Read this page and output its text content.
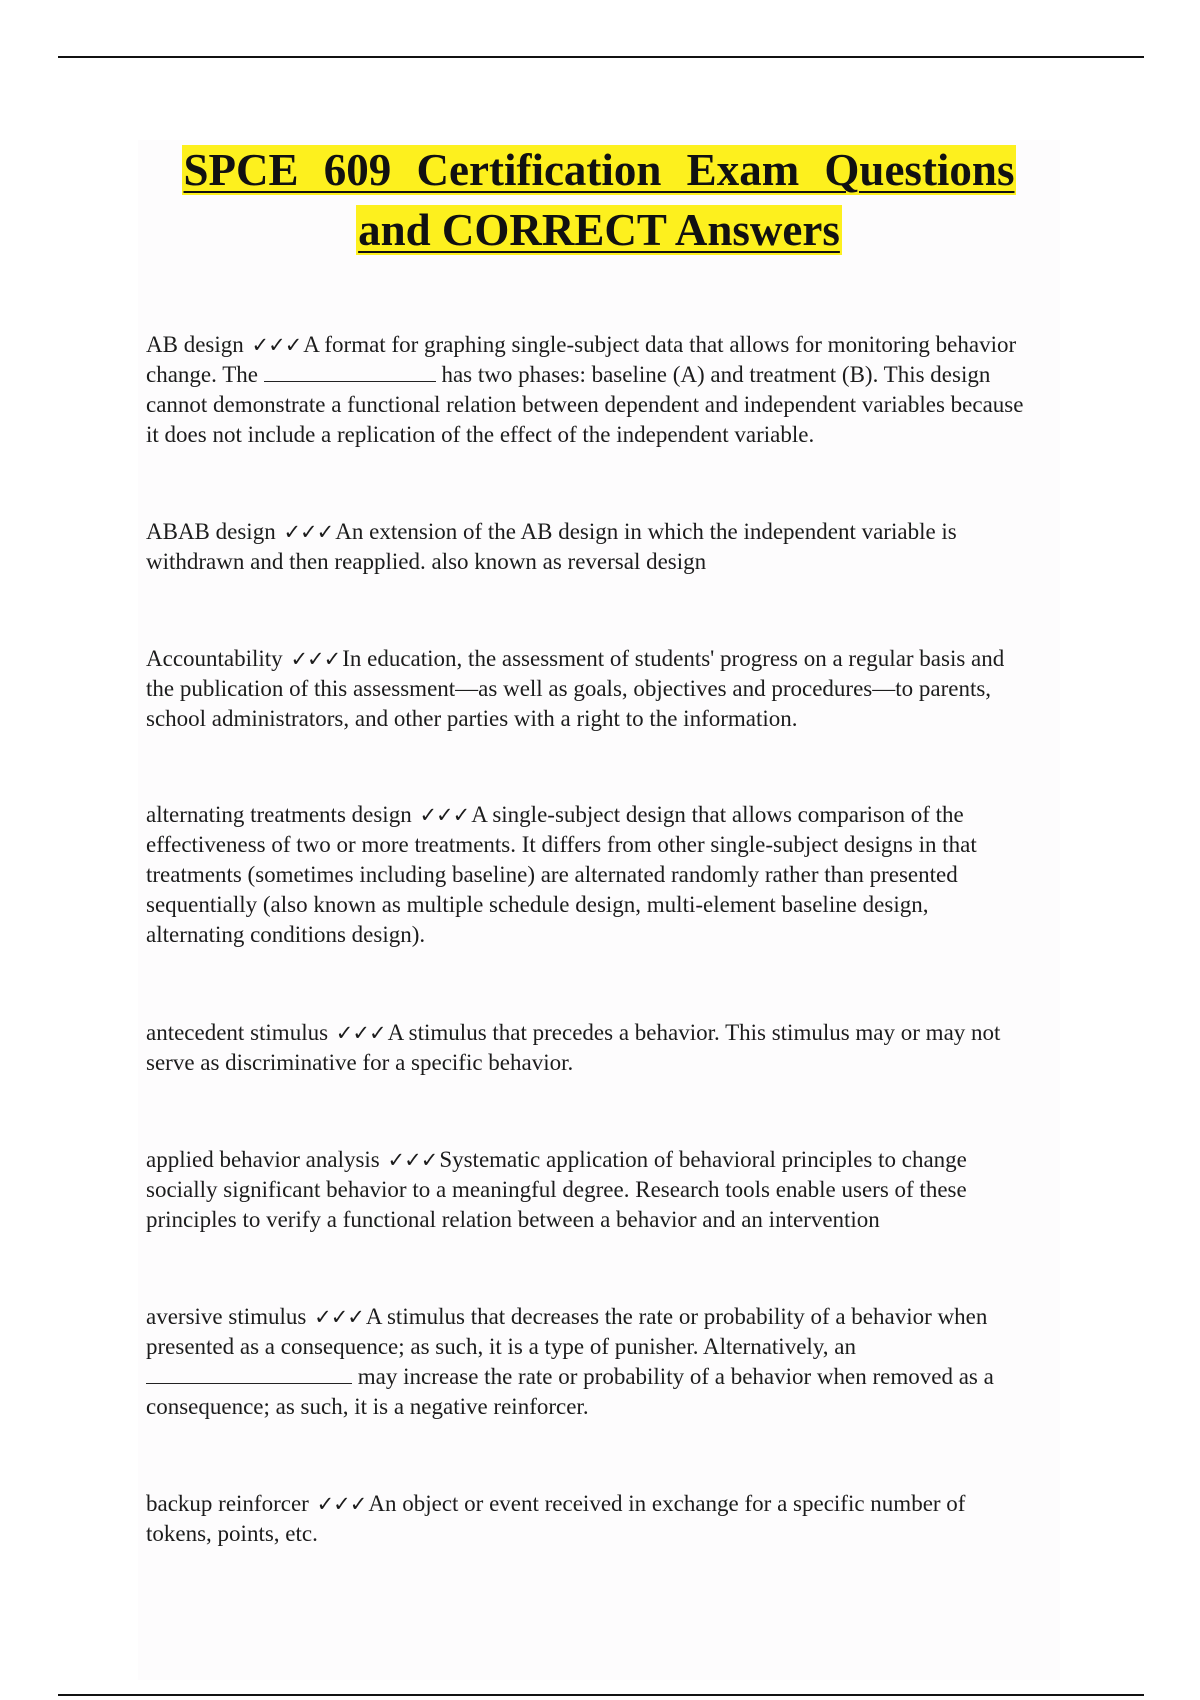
SPCE 609 Certification Exam Questions
and CORRECT Answers

AB design ✓✓✓A format for graphing single-subject data that allows for monitoring behavior change. The	has two phases: baseline (A) and treatment (B). This design cannot demonstrate a functional relation between dependent and independent variables because it does not include a replication of the effect of the independent variable.

ABAB design ✓✓✓An extension of the AB design in which the independent variable is withdrawn and then reapplied. also known as reversal design

Accountability ✓✓✓In education, the assessment of students' progress on a regular basis and the publication of this assessment—as well as goals, objectives and procedures—to parents, school administrators, and other parties with a right to the information.

alternating treatments design ✓✓✓A single-subject design that allows comparison of the effectiveness of two or more treatments. It differs from other single-subject designs in that treatments (sometimes including baseline) are alternated randomly rather than presented sequentially (also known as multiple schedule design, multi-element baseline design, alternating conditions design).

antecedent stimulus ✓✓✓A stimulus that precedes a behavior. This stimulus may or may not serve as discriminative for a specific behavior.

applied behavior analysis ✓✓✓Systematic application of behavioral principles to change socially significant behavior to a meaningful degree. Research tools enable users of these principles to verify a functional relation between a behavior and an intervention

aversive stimulus ✓✓✓A stimulus that decreases the rate or probability of a behavior when presented as a consequence; as such, it is a type of punisher. Alternatively, an  may increase the rate or probability of a behavior when removed as a consequence; as such, it is a negative reinforcer.

backup reinforcer ✓✓✓An object or event received in exchange for a specific number of tokens, points, etc.
